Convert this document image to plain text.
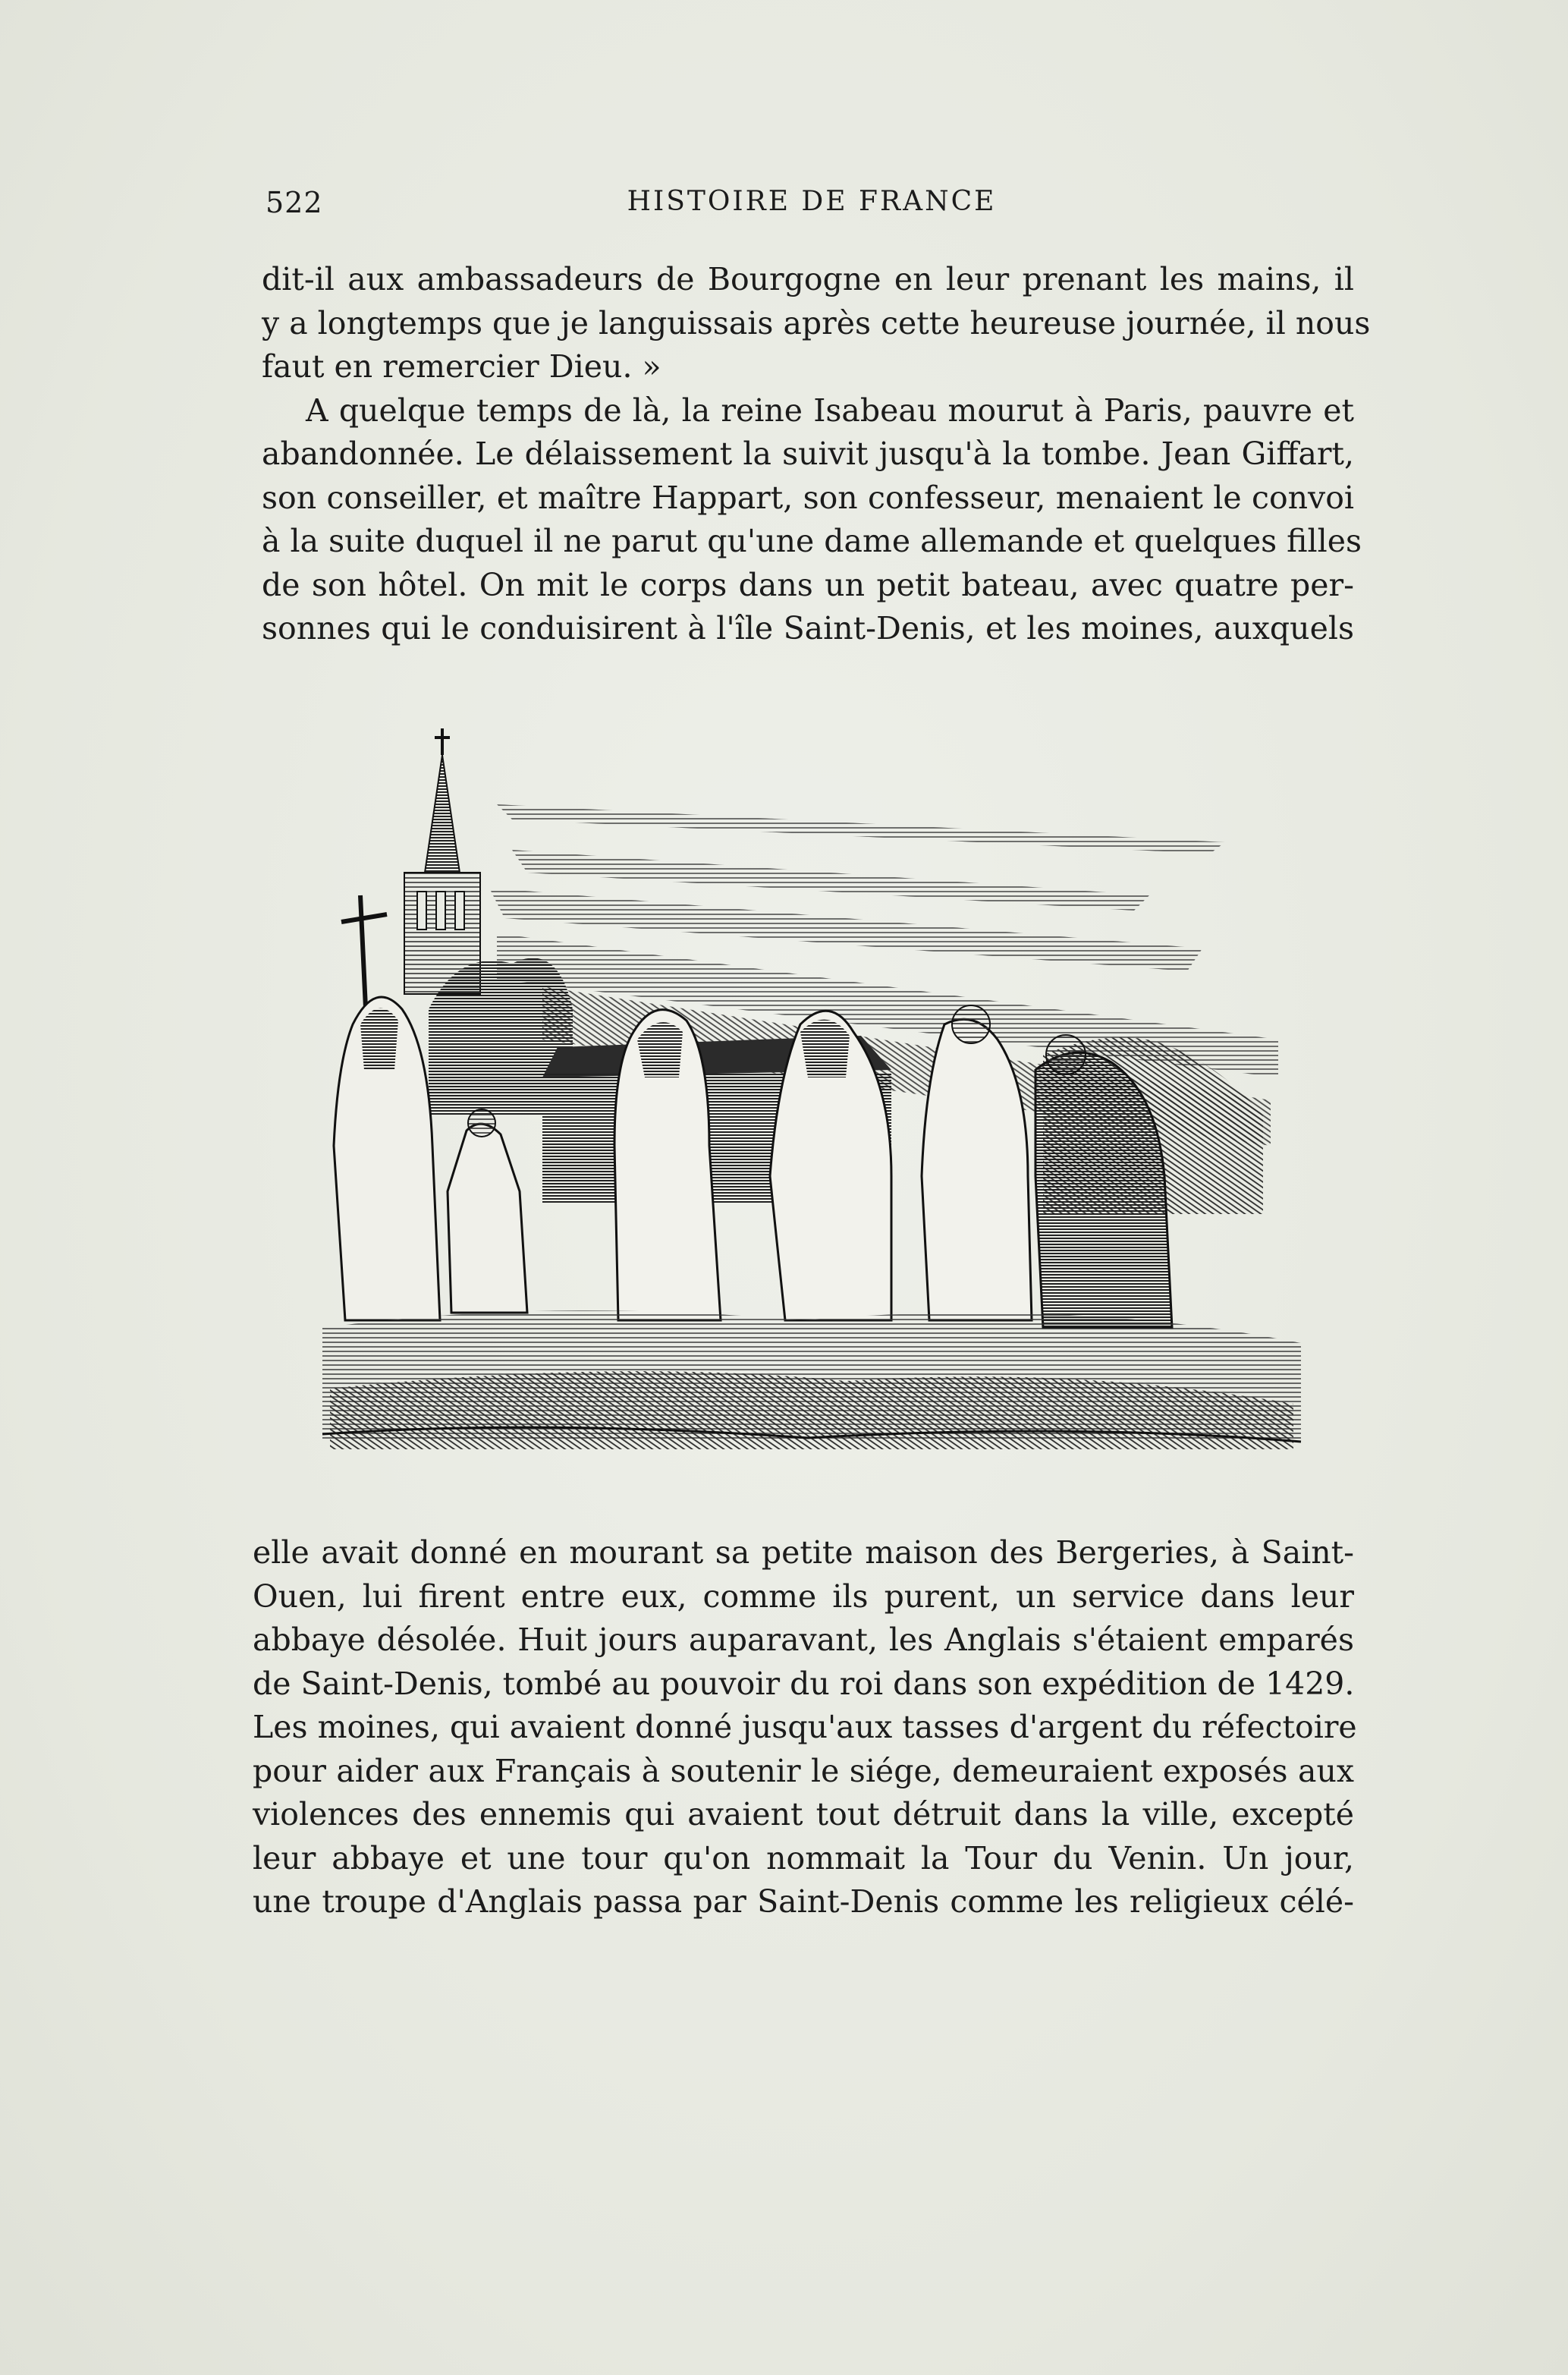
522	HISTOIRE DE FRANCE
dit-il aux ambassadeurs de Bourgogne en leur prenant les mains, il
y a longtemps que je languissais après cette heureuse journée, il nous
faut en remercier Dieu. »
A quelque temps de là, la reine Isabeau mourut à Paris, pauvre et
abandonnée. Le délaissement la suivit jusqu'à la tombe. Jean Giffart,
son conseiller, et maître Happart, son confesseur, menaient le convoi
à la suite duquel il ne parut qu'une dame allemande et quelques filles
de son hôtel. On mit le corps dans un petit bateau, avec quatre per-
sonnes qui le conduisirent à l'île Saint-Denis, et les moines, auxquels
elle avait donné en mourant sa petite maison des Bergeries, à Saint-
Ouen, lui firent entre eux, comme ils purent, un service dans leur
abbaye désolée. Huit jours auparavant, les Anglais s'étaient emparés
de Saint-Denis, tombé au pouvoir du roi dans son expédition de 1429.
Les moines, qui avaient donné jusqu'aux tasses d'argent du réfectoire
pour aider aux Français à soutenir le siége, demeuraient exposés aux
violences des ennemis qui avaient tout détruit dans la ville, excepté
leur abbaye et une tour qu'on nommait la Tour du Venin. Un jour,
une troupe d'Anglais passa par Saint-Denis comme les religieux célé-
